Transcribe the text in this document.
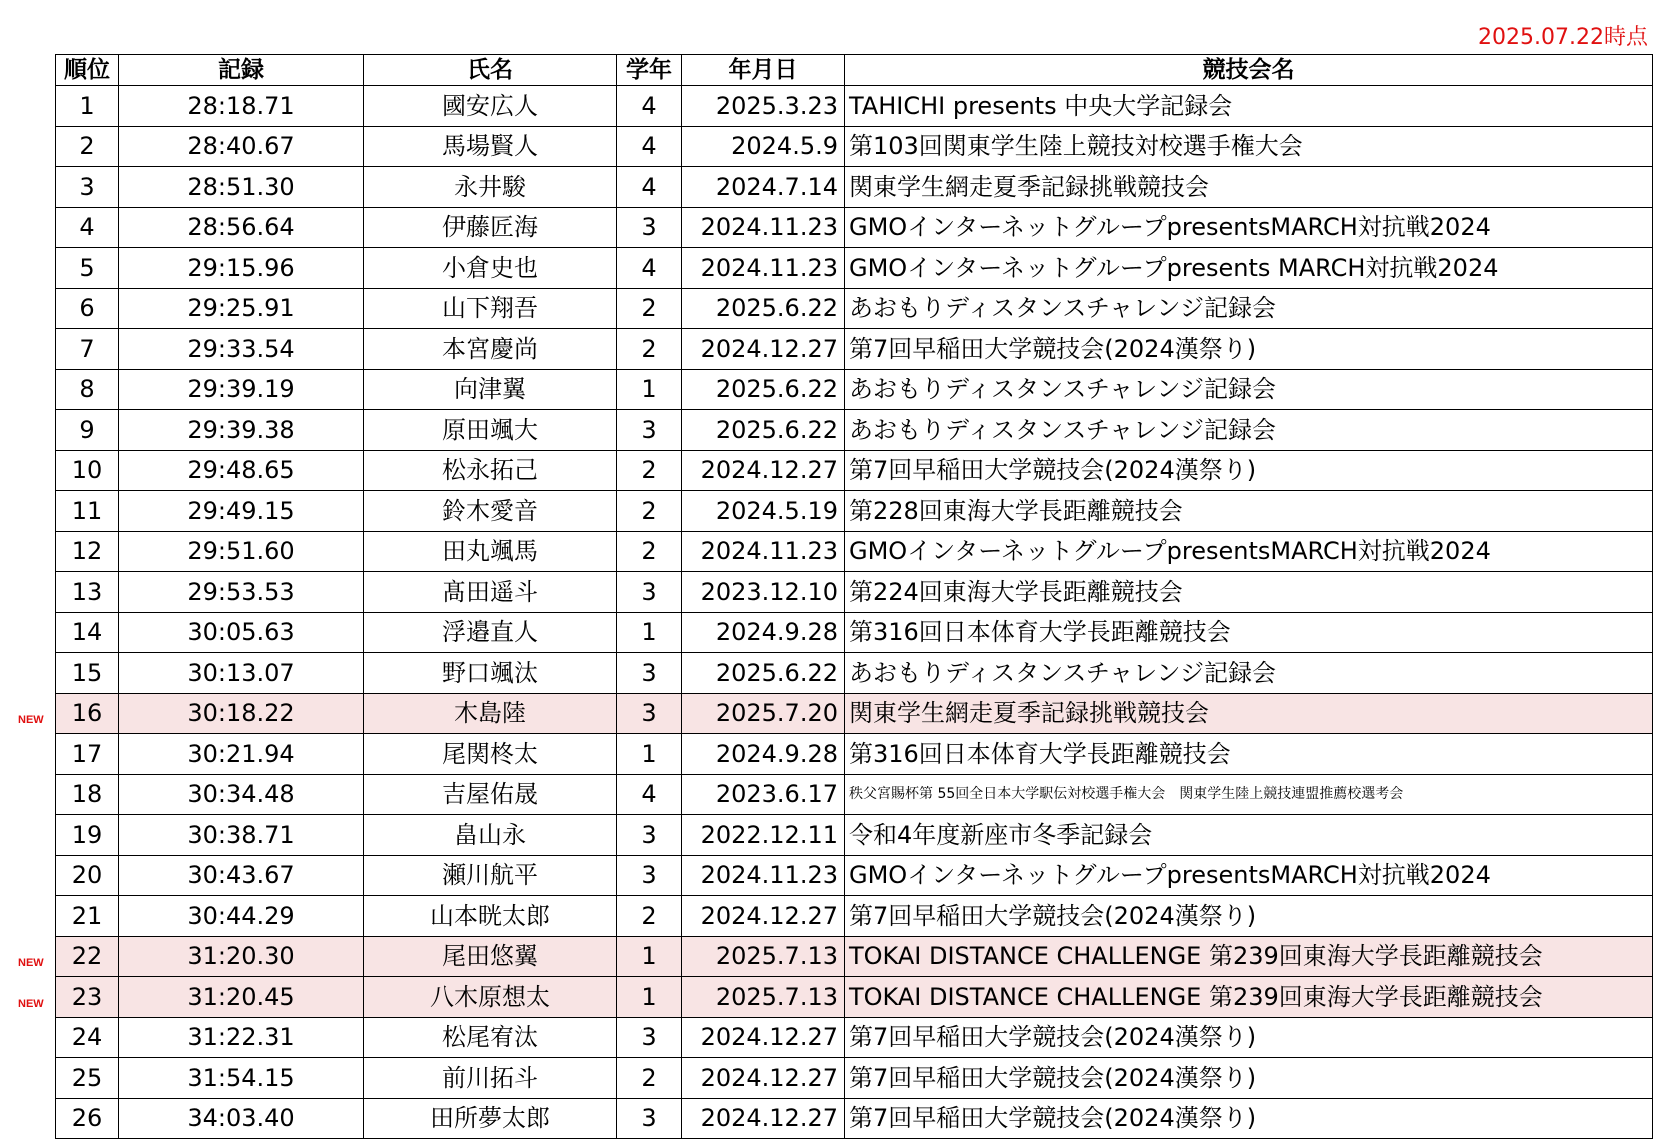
2025.07.22時点
順位	記録	氏名	学年	年月日	競技会名
1	28:18.71	國安広人	4	2025.3.23	TAHICHI presents 中央大学記録会
2	28:40.67	馬場賢人	4	2024.5.9	第103回関東学生陸上競技対校選手権大会
3	28:51.30	永井駿	4	2024.7.14	関東学生網走夏季記録挑戦競技会
4	28:56.64	伊藤匠海	3	2024.11.23	GMOインターネットグループpresentsMARCH対抗戦2024
5	29:15.96	小倉史也	4	2024.11.23	GMOインターネットグループpresents MARCH対抗戦2024
6	29:25.91	山下翔吾	2	2025.6.22	あおもりディスタンスチャレンジ記録会
7	29:33.54	本宮慶尚	2	2024.12.27	第7回早稲田大学競技会(2024漢祭り)
8	29:39.19	向津翼	1	2025.6.22	あおもりディスタンスチャレンジ記録会
9	29:39.38	原田颯大	3	2025.6.22	あおもりディスタンスチャレンジ記録会
10	29:48.65	松永拓己	2	2024.12.27	第7回早稲田大学競技会(2024漢祭り)
11	29:49.15	鈴木愛音	2	2024.5.19	第228回東海大学長距離競技会
12	29:51.60	田丸颯馬	2	2024.11.23	GMOインターネットグループpresentsMARCH対抗戦2024
13	29:53.53	髙田遥斗	3	2023.12.10	第224回東海大学長距離競技会
14	30:05.63	浮邉直人	1	2024.9.28	第316回日本体育大学長距離競技会
15	30:13.07	野口颯汰	3	2025.6.22	あおもりディスタンスチャレンジ記録会
16	30:18.22	木島陸	3	2025.7.20	関東学生網走夏季記録挑戦競技会
17	30:21.94	尾関柊太	1	2024.9.28	第316回日本体育大学長距離競技会
18	30:34.48	吉屋佑晟	4	2023.6.17	秩父宮賜杯第 55回全日本大学駅伝対校選手権大会　関東学生陸上競技連盟推薦校選考会
19	30:38.71	畠山永	3	2022.12.11	令和4年度新座市冬季記録会
20	30:43.67	瀬川航平	3	2024.11.23	GMOインターネットグループpresentsMARCH対抗戦2024
21	30:44.29	山本晄太郎	2	2024.12.27	第7回早稲田大学競技会(2024漢祭り)
22	31:20.30	尾田悠翼	1	2025.7.13	TOKAI DISTANCE CHALLENGE 第239回東海大学長距離競技会
23	31:20.45	八木原想太	1	2025.7.13	TOKAI DISTANCE CHALLENGE 第239回東海大学長距離競技会
24	31:22.31	松尾宥汰	3	2024.12.27	第7回早稲田大学競技会(2024漢祭り)
25	31:54.15	前川拓斗	2	2024.12.27	第7回早稲田大学競技会(2024漢祭り)
26	34:03.40	田所夢太郎	3	2024.12.27	第7回早稲田大学競技会(2024漢祭り)
NEW
NEW
NEW
